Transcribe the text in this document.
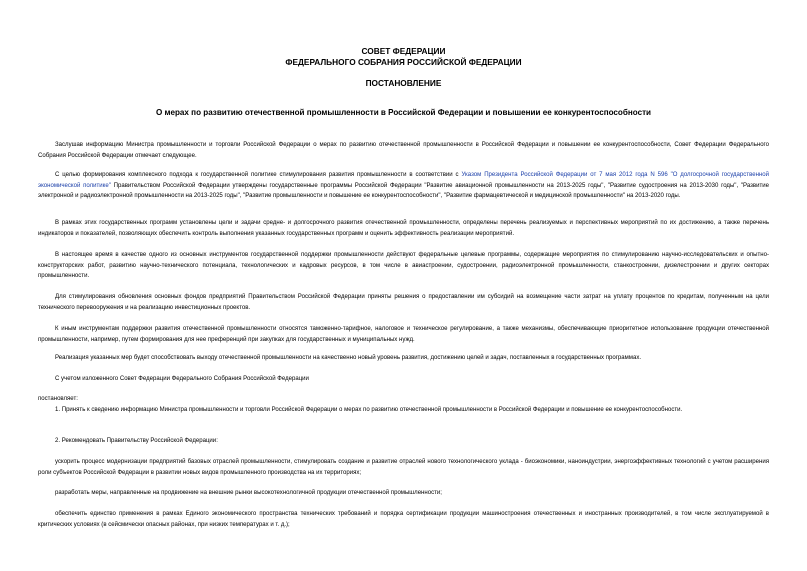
СОВЕТ ФЕДЕРАЦИИ
ФЕДЕРАЛЬНОГО СОБРАНИЯ РОССИЙСКОЙ ФЕДЕРАЦИИ
ПОСТАНОВЛЕНИЕ
О мерах по развитию отечественной промышленности в Российской Федерации и повышении ее конкурентоспособности

Заслушав информацию Министра промышленности и торговли Российской Федерации о мерах по развитию отечественной промышленности в Российской Федерации и повышении ее конкурентоспособности, Совет Федерации Федерального Собрания Российской Федерации отмечает следующее.

С целью формирования комплексного подхода к государственной политике стимулирования развития промышленности в соответствии с Указом Президента Российской Федерации от 7 мая 2012 года N 596 "О долгосрочной государственной экономической политике" Правительством Российской Федерации утверждены государственные программы Российской Федерации "Развитие авиационной промышленности на 2013-2025 годы", "Развитие судостроения на 2013-2030 годы", "Развитие электронной и радиоэлектронной промышленности на 2013-2025 годы", "Развитие промышленности и повышение ее конкурентоспособности", "Развитие фармацевтической и медицинской промышленности" на 2013-2020 годы.

В рамках этих государственных программ установлены цели и задачи средне- и долгосрочного развития отечественной промышленности, определены перечень реализуемых и перспективных мероприятий по их достижению, а также перечень индикаторов и показателей, позволяющих обеспечить контроль выполнения указанных государственных программ и оценить эффективность реализации мероприятий.

В настоящее время в качестве одного из основных инструментов государственной поддержки промышленности действуют федеральные целевые программы, содержащие мероприятия по стимулированию научно-исследовательских и опытно-конструкторских работ, развитию научно-технического потенциала, технологических и кадровых ресурсов, в том числе в авиастроении, судостроении, радиоэлектронной промышленности, станкостроении, дизелестроении и других секторах промышленности.

Для стимулирования обновления основных фондов предприятий Правительством Российской Федерации приняты решения о предоставлении им субсидий на возмещение части затрат на уплату процентов по кредитам, полученным на цели технического перевооружения и на реализацию инвестиционных проектов.

К иным инструментам поддержки развития отечественной промышленности относятся таможенно-тарифное, налоговое и техническое регулирование, а также механизмы, обеспечивающие приоритетное использование продукции отечественной промышленности, например, путем формирования для нее преференций при закупках для государственных и муниципальных нужд.

Реализация указанных мер будет способствовать выходу отечественной промышленности на качественно новый уровень развития, достижению целей и задач, поставленных в государственных программах.

С учетом изложенного Совет Федерации Федерального Собрания Российской Федерации

постановляет:

1. Принять к сведению информацию Министра промышленности и торговли Российской Федерации о мерах по развитию отечественной промышленности в Российской Федерации и повышение ее конкурентоспособности.

2. Рекомендовать Правительству Российской Федерации:

ускорить процесс модернизации предприятий базовых отраслей промышленности, стимулировать создание и развитие отраслей нового технологического уклада - биоэкономики, наноиндустрии, энергоэффективных технологий с учетом расширения роли субъектов Российской Федерации в развитии новых видов промышленного производства на их территориях;

разработать меры, направленные на продвижение на внешние рынки высокотехнологичной продукции отечественной промышленности;

обеспечить единство применения в рамках Единого экономического пространства технических требований и порядка сертификации продукции машиностроения отечественных и иностранных производителей, в том числе эксплуатируемой в критических условиях (в сейсмически опасных районах, при низких температурах и т. д.);
